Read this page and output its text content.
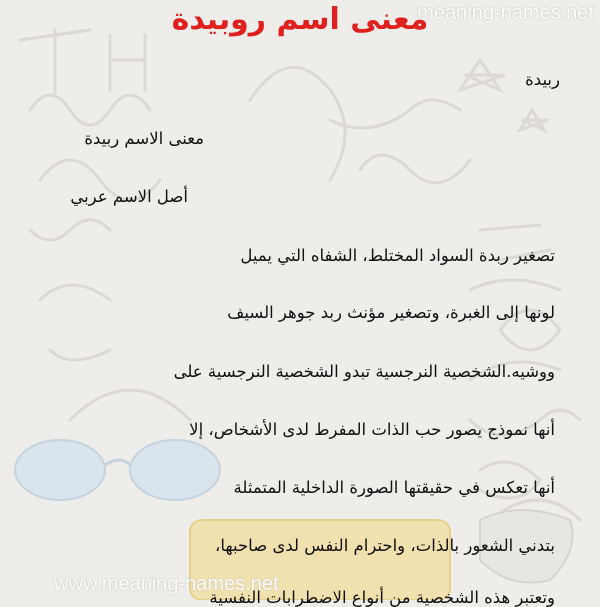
معنى اسم روبيدة
meaning-names.net
www.meaning-names.net
ربيدة
معنى الاسم ربيدة
أصل الاسم عربي
تصغير ربدة السواد المختلط، الشفاه التي يميل
لونها إلى الغبرة، وتصغير مؤنث ربد جوهر السيف
ووشيه.الشخصية النرجسية تبدو الشخصية النرجسية على
أنها نموذج يصور حب الذات المفرط لدى الأشخاص، إلا
أنها تعكس في حقيقتها الصورة الداخلية المتمثلة
بتدني الشعور بالذات، واحترام النفس لدى صاحبها،
وتعتبر هذه الشخصية من أنواع الاضطرابات النفسية
